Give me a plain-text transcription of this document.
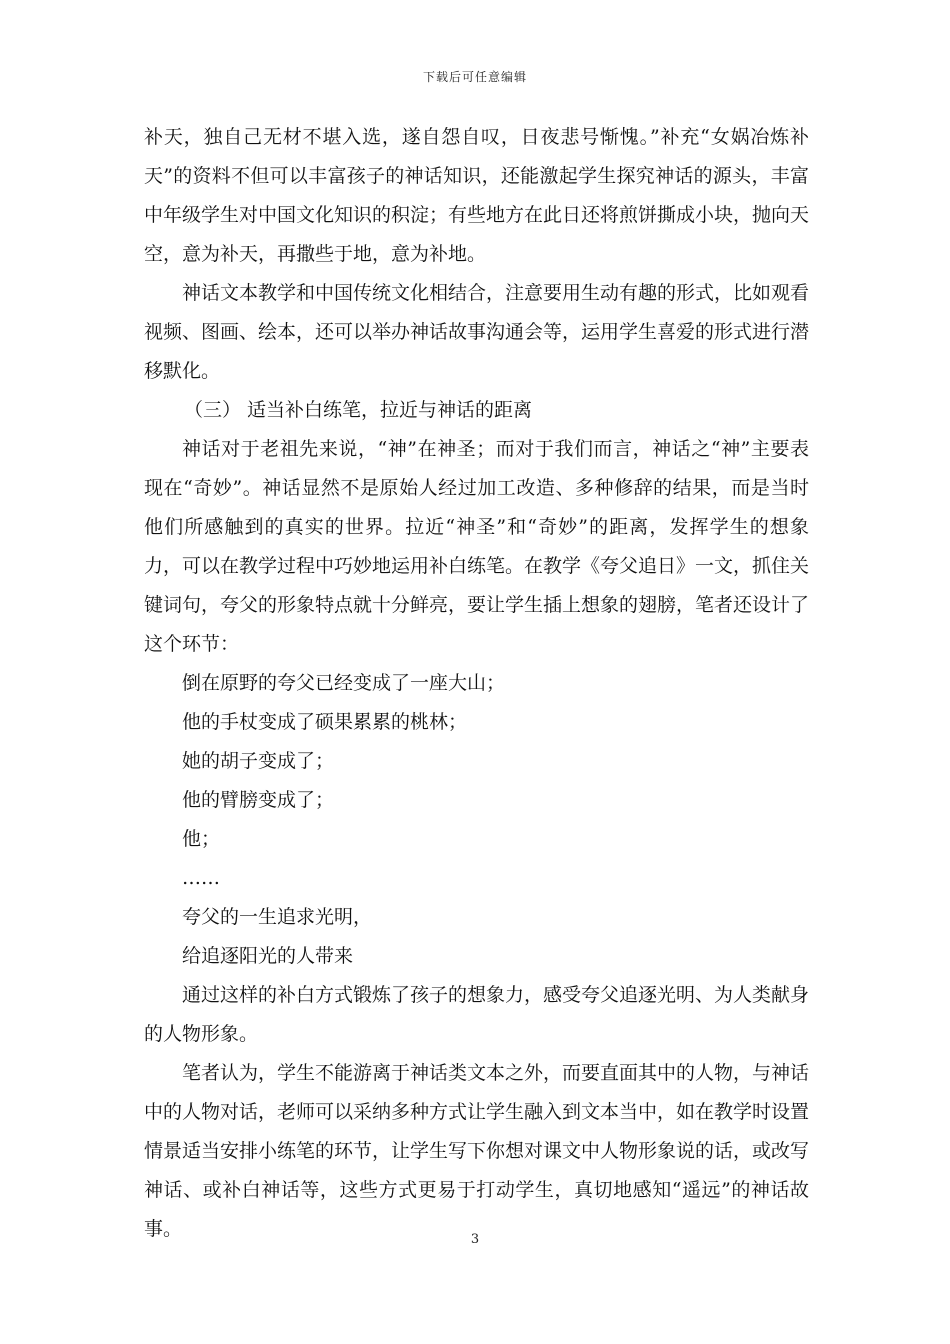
下载后可任意编辑

补天，独自己无材不堪入选，遂自怨自叹，日夜悲号惭愧。”补充“女娲冶炼补天”的资料不但可以丰富孩子的神话知识，还能激起学生探究神话的源头，丰富中年级学生对中国文化知识的积淀；有些地方在此日还将煎饼撕成小块，抛向天空，意为补天，再撒些于地，意为补地。

神话文本教学和中国传统文化相结合，注意要用生动有趣的形式，比如观看视频、图画、绘本，还可以举办神话故事沟通会等，运用学生喜爱的形式进行潜移默化。

（三） 适当补白练笔，拉近与神话的距离

神话对于老祖先来说，“神”在神圣；而对于我们而言，神话之“神”主要表现在“奇妙”。神话显然不是原始人经过加工改造、多种修辞的结果，而是当时他们所感触到的真实的世界。拉近“神圣”和“奇妙”的距离，发挥学生的想象力，可以在教学过程中巧妙地运用补白练笔。在教学《夸父追日》一文，抓住关键词句，夸父的形象特点就十分鲜亮，要让学生插上想象的翅膀，笔者还设计了这个环节：

倒在原野的夸父已经变成了一座大山；

他的手杖变成了硕果累累的桃林；

她的胡子变成了；

他的臂膀变成了；

他；

……

夸父的一生追求光明，

给追逐阳光的人带来

通过这样的补白方式锻炼了孩子的想象力，感受夸父追逐光明、为人类献身的人物形象。

笔者认为，学生不能游离于神话类文本之外，而要直面其中的人物，与神话中的人物对话，老师可以采纳多种方式让学生融入到文本当中，如在教学时设置情景适当安排小练笔的环节，让学生写下你想对课文中人物形象说的话，或改写神话、或补白神话等，这些方式更易于打动学生，真切地感知“遥远”的神话故事。	3
